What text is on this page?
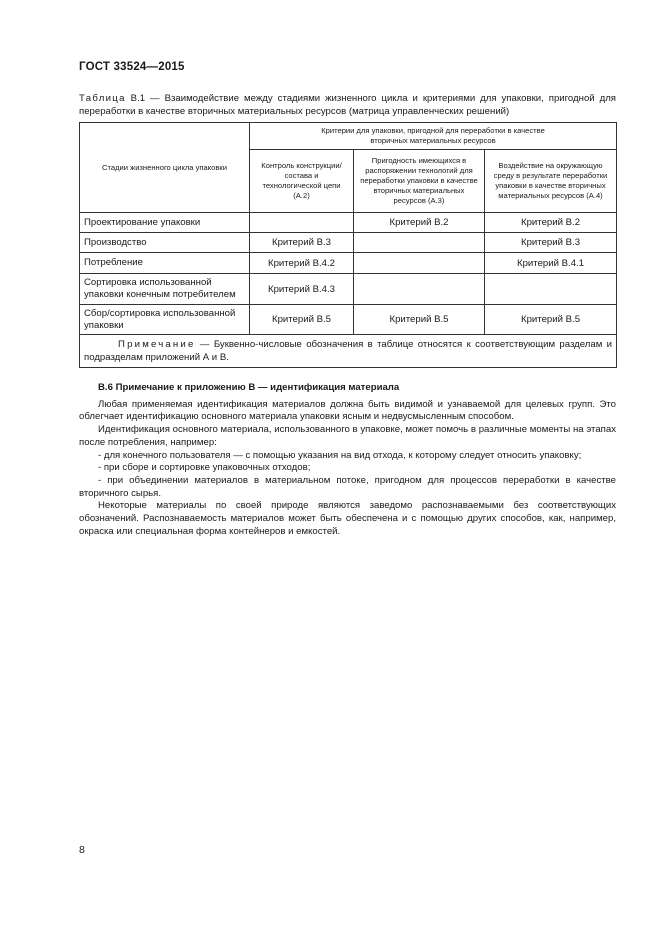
ГОСТ 33524—2015
Таблица В.1 — Взаимодействие между стадиями жизненного цикла и критериями для упаковки, пригодной для переработки в качестве вторичных материальных ресурсов (матрица управленческих решений)
Стадии жизненного цикла упаковки	Критерии для упаковки, пригодной для переработки в качестве вторичных материальных ресурсов		
	Контроль конструкции/состава и технологической цепи (А.2)	Пригодность имеющихся в распоряжении технологий для переработки упаковки в качестве вторичных материальных ресурсов (А.3)	Воздействие на окружающую среду в результате переработки упаковки в качестве вторичных материальных ресурсов (А.4)
Проектирование упаковки		Критерий В.2	Критерий В.2
Производство	Критерий В.3		Критерий В.3
Потребление	Критерий В.4.2		Критерий В.4.1
Сортировка использованной упаковки конечным потребителем	Критерий В.4.3		
Сбор/сортировка использованной упаковки	Критерий В.5	Критерий В.5	Критерий В.5
Примечание — Буквенно-числовые обозначения в таблице относятся к соответствующим разделам и подразделам приложений А и В.			
В.6 Примечание к приложению В — идентификация материала

Любая применяемая идентификация материалов должна быть видимой и узнаваемой для целевых групп. Это облегчает идентификацию основного материала упаковки ясным и недвусмысленным способом.

Идентификация основного материала, использованного в упаковке, может помочь в различные моменты на этапах после потребления, например:

- для конечного пользователя — с помощью указания на вид отхода, к которому следует относить упаковку;

- при сборе и сортировке упаковочных отходов;

- при объединении материалов в материальном потоке, пригодном для процессов переработки в качестве вторичного сырья.

Некоторые материалы по своей природе являются заведомо распознаваемыми без соответствующих обозначений. Распознаваемость материалов может быть обеспечена и с помощью других способов, как, например, окраска или специальная форма контейнеров и емкостей.

8
